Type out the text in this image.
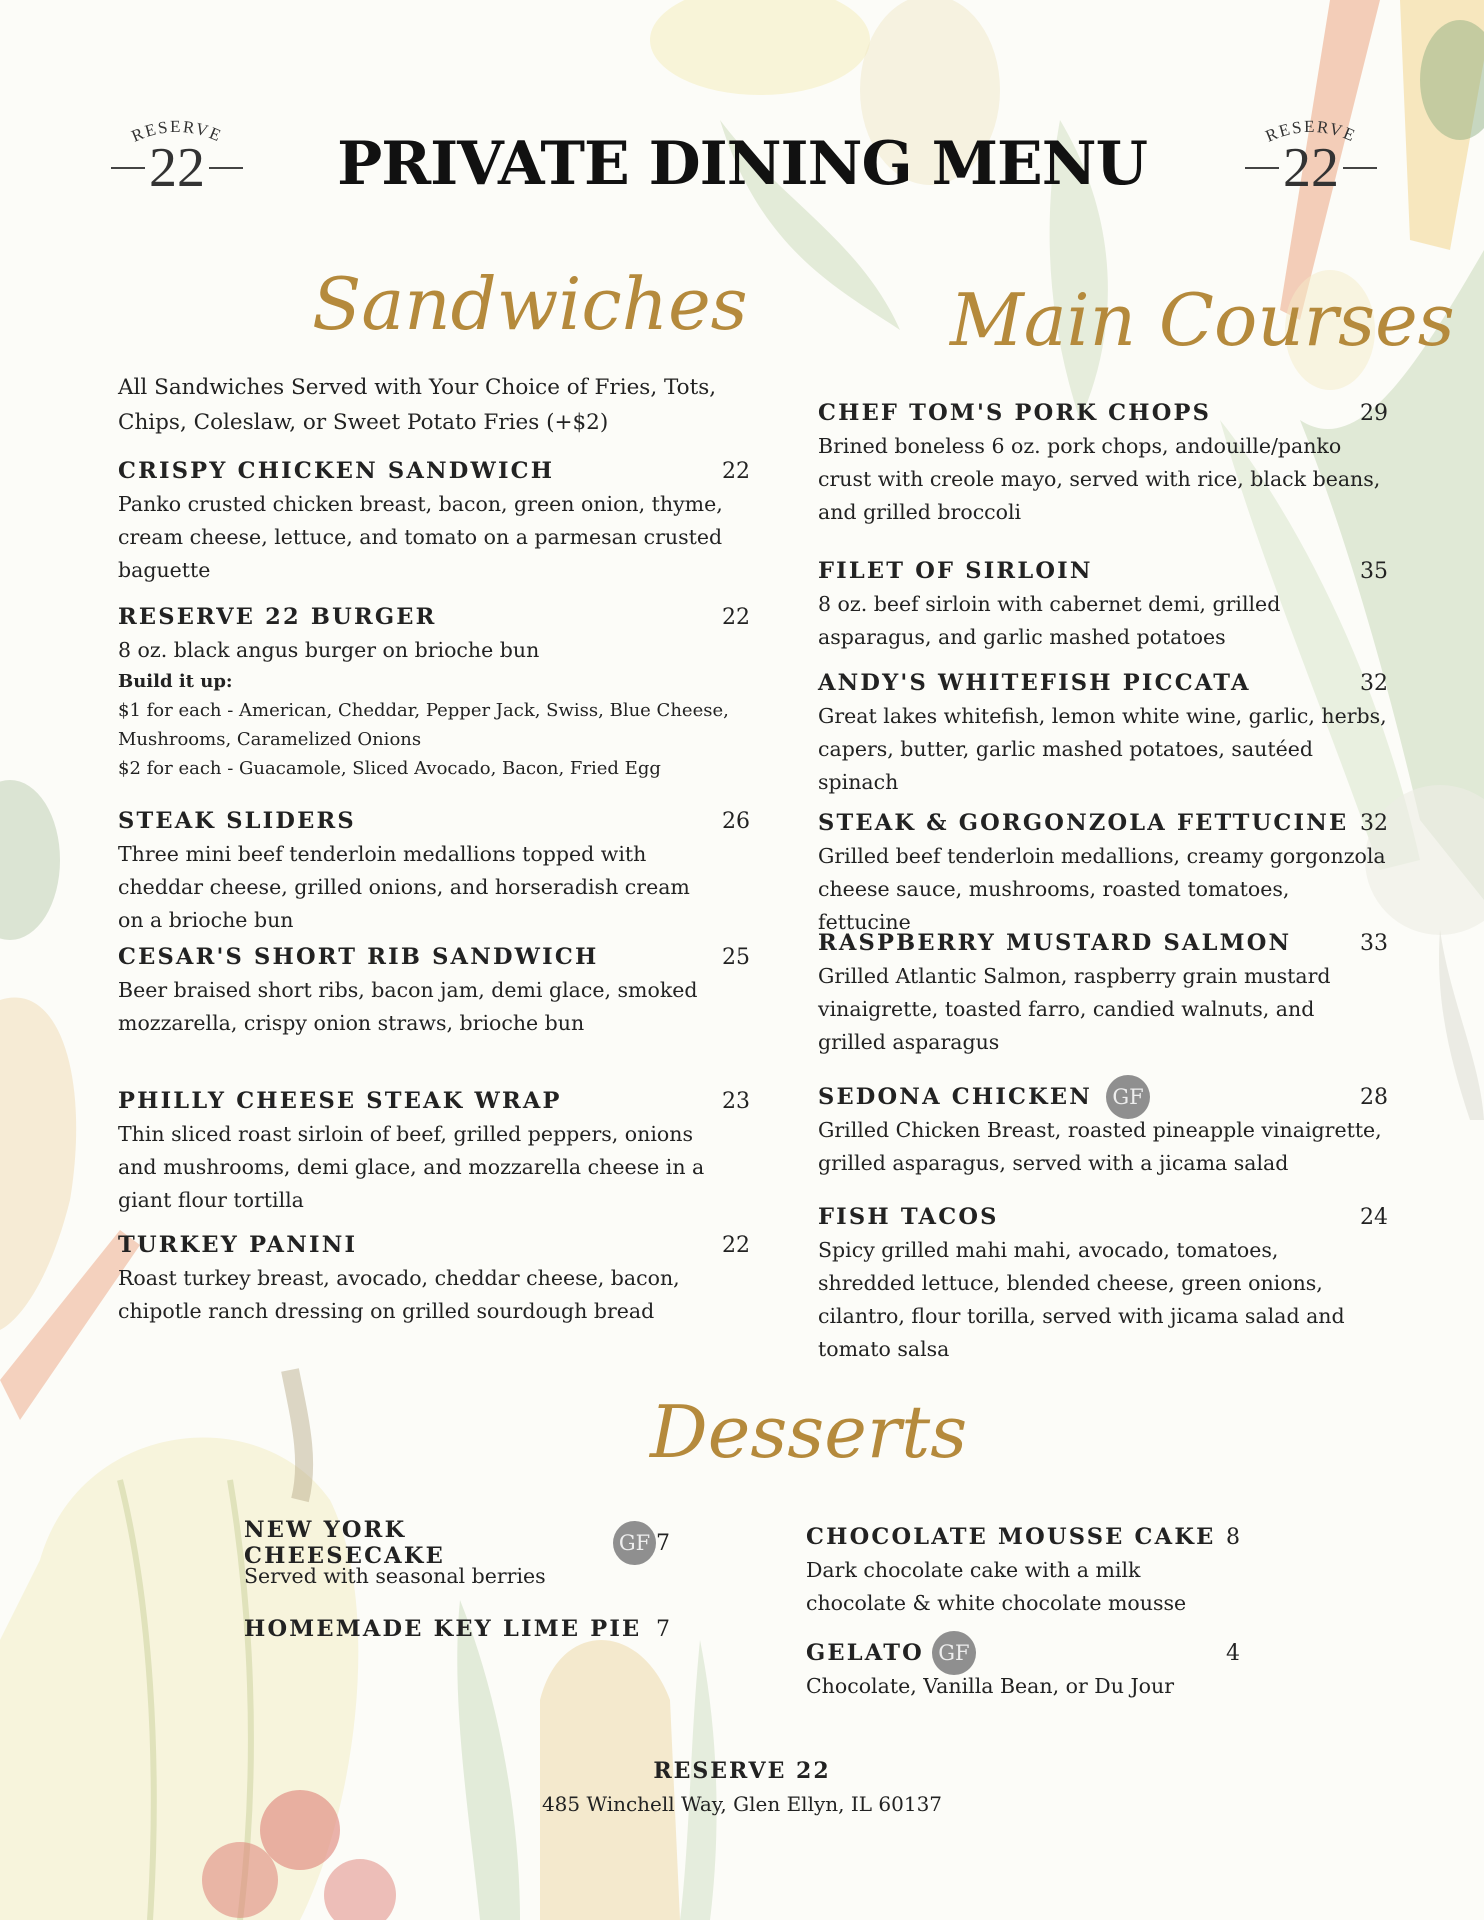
RESERVE
22	PRIVATE DINING MENU	RESERVE
22
Sandwiches	Main Courses
Desserts

All Sandwiches Served with Your Choice of Fries, Tots, Chips, Coleslaw, or Sweet Potato Fries (+$2)

CRISPY CHICKEN SANDWICH	22

Panko crusted chicken breast, bacon, green onion, thyme, cream cheese, lettuce, and tomato on a parmesan crusted baguette

RESERVE 22 BURGER	22

8 oz. black angus burger on brioche bun

Build it up:

$1 for each - American, Cheddar, Pepper Jack, Swiss, Blue Cheese, Mushrooms, Caramelized Onions

$2 for each - Guacamole, Sliced Avocado, Bacon, Fried Egg

STEAK SLIDERS	26

Three mini beef tenderloin medallions topped with cheddar cheese, grilled onions, and horseradish cream on a brioche bun

CESAR'S SHORT RIB SANDWICH	25

Beer braised short ribs, bacon jam, demi glace, smoked mozzarella, crispy onion straws, brioche bun

PHILLY CHEESE STEAK WRAP	23

Thin sliced roast sirloin of beef, grilled peppers, onions and mushrooms, demi glace, and mozzarella cheese in a giant flour tortilla

TURKEY PANINI	22

Roast turkey breast, avocado, cheddar cheese, bacon, chipotle ranch dressing on grilled sourdough bread

CHEF TOM'S PORK CHOPS	29

Brined boneless 6 oz. pork chops, andouille/panko crust with creole mayo, served with rice, black beans, and grilled broccoli

FILET OF SIRLOIN	35

8 oz. beef sirloin with cabernet demi, grilled asparagus, and garlic mashed potatoes

ANDY'S WHITEFISH PICCATA	32

Great lakes whitefish, lemon white wine, garlic, herbs, capers, butter, garlic mashed potatoes, sautéed spinach

STEAK & GORGONZOLA FETTUCINE 32

Grilled beef tenderloin medallions, creamy gorgonzola cheese sauce, mushrooms, roasted tomatoes, fettucine

RASPBERRY MUSTARD SALMON	33

Grilled Atlantic Salmon, raspberry grain mustard vinaigrette, toasted farro, candied walnuts, and grilled asparagus

SEDONA CHICKEN GF	28

Grilled Chicken Breast, roasted pineapple vinaigrette, grilled asparagus, served with a jicama salad

FISH TACOS	24

Spicy grilled mahi mahi, avocado, tomatoes, shredded lettuce, blended cheese, green onions, cilantro, flour torilla, served with jicama salad and tomato salsa

NEW YORK CHEESECAKE	GF 7

Served with seasonal berries

HOMEMADE KEY LIME PIE 7
CHOCOLATE MOUSSE CAKE 8

Dark chocolate cake with a milk chocolate & white chocolate mousse

GELATO GF	4

Chocolate, Vanilla Bean, or Du Jour

RESERVE 22
485 Winchell Way, Glen Ellyn, IL 60137
